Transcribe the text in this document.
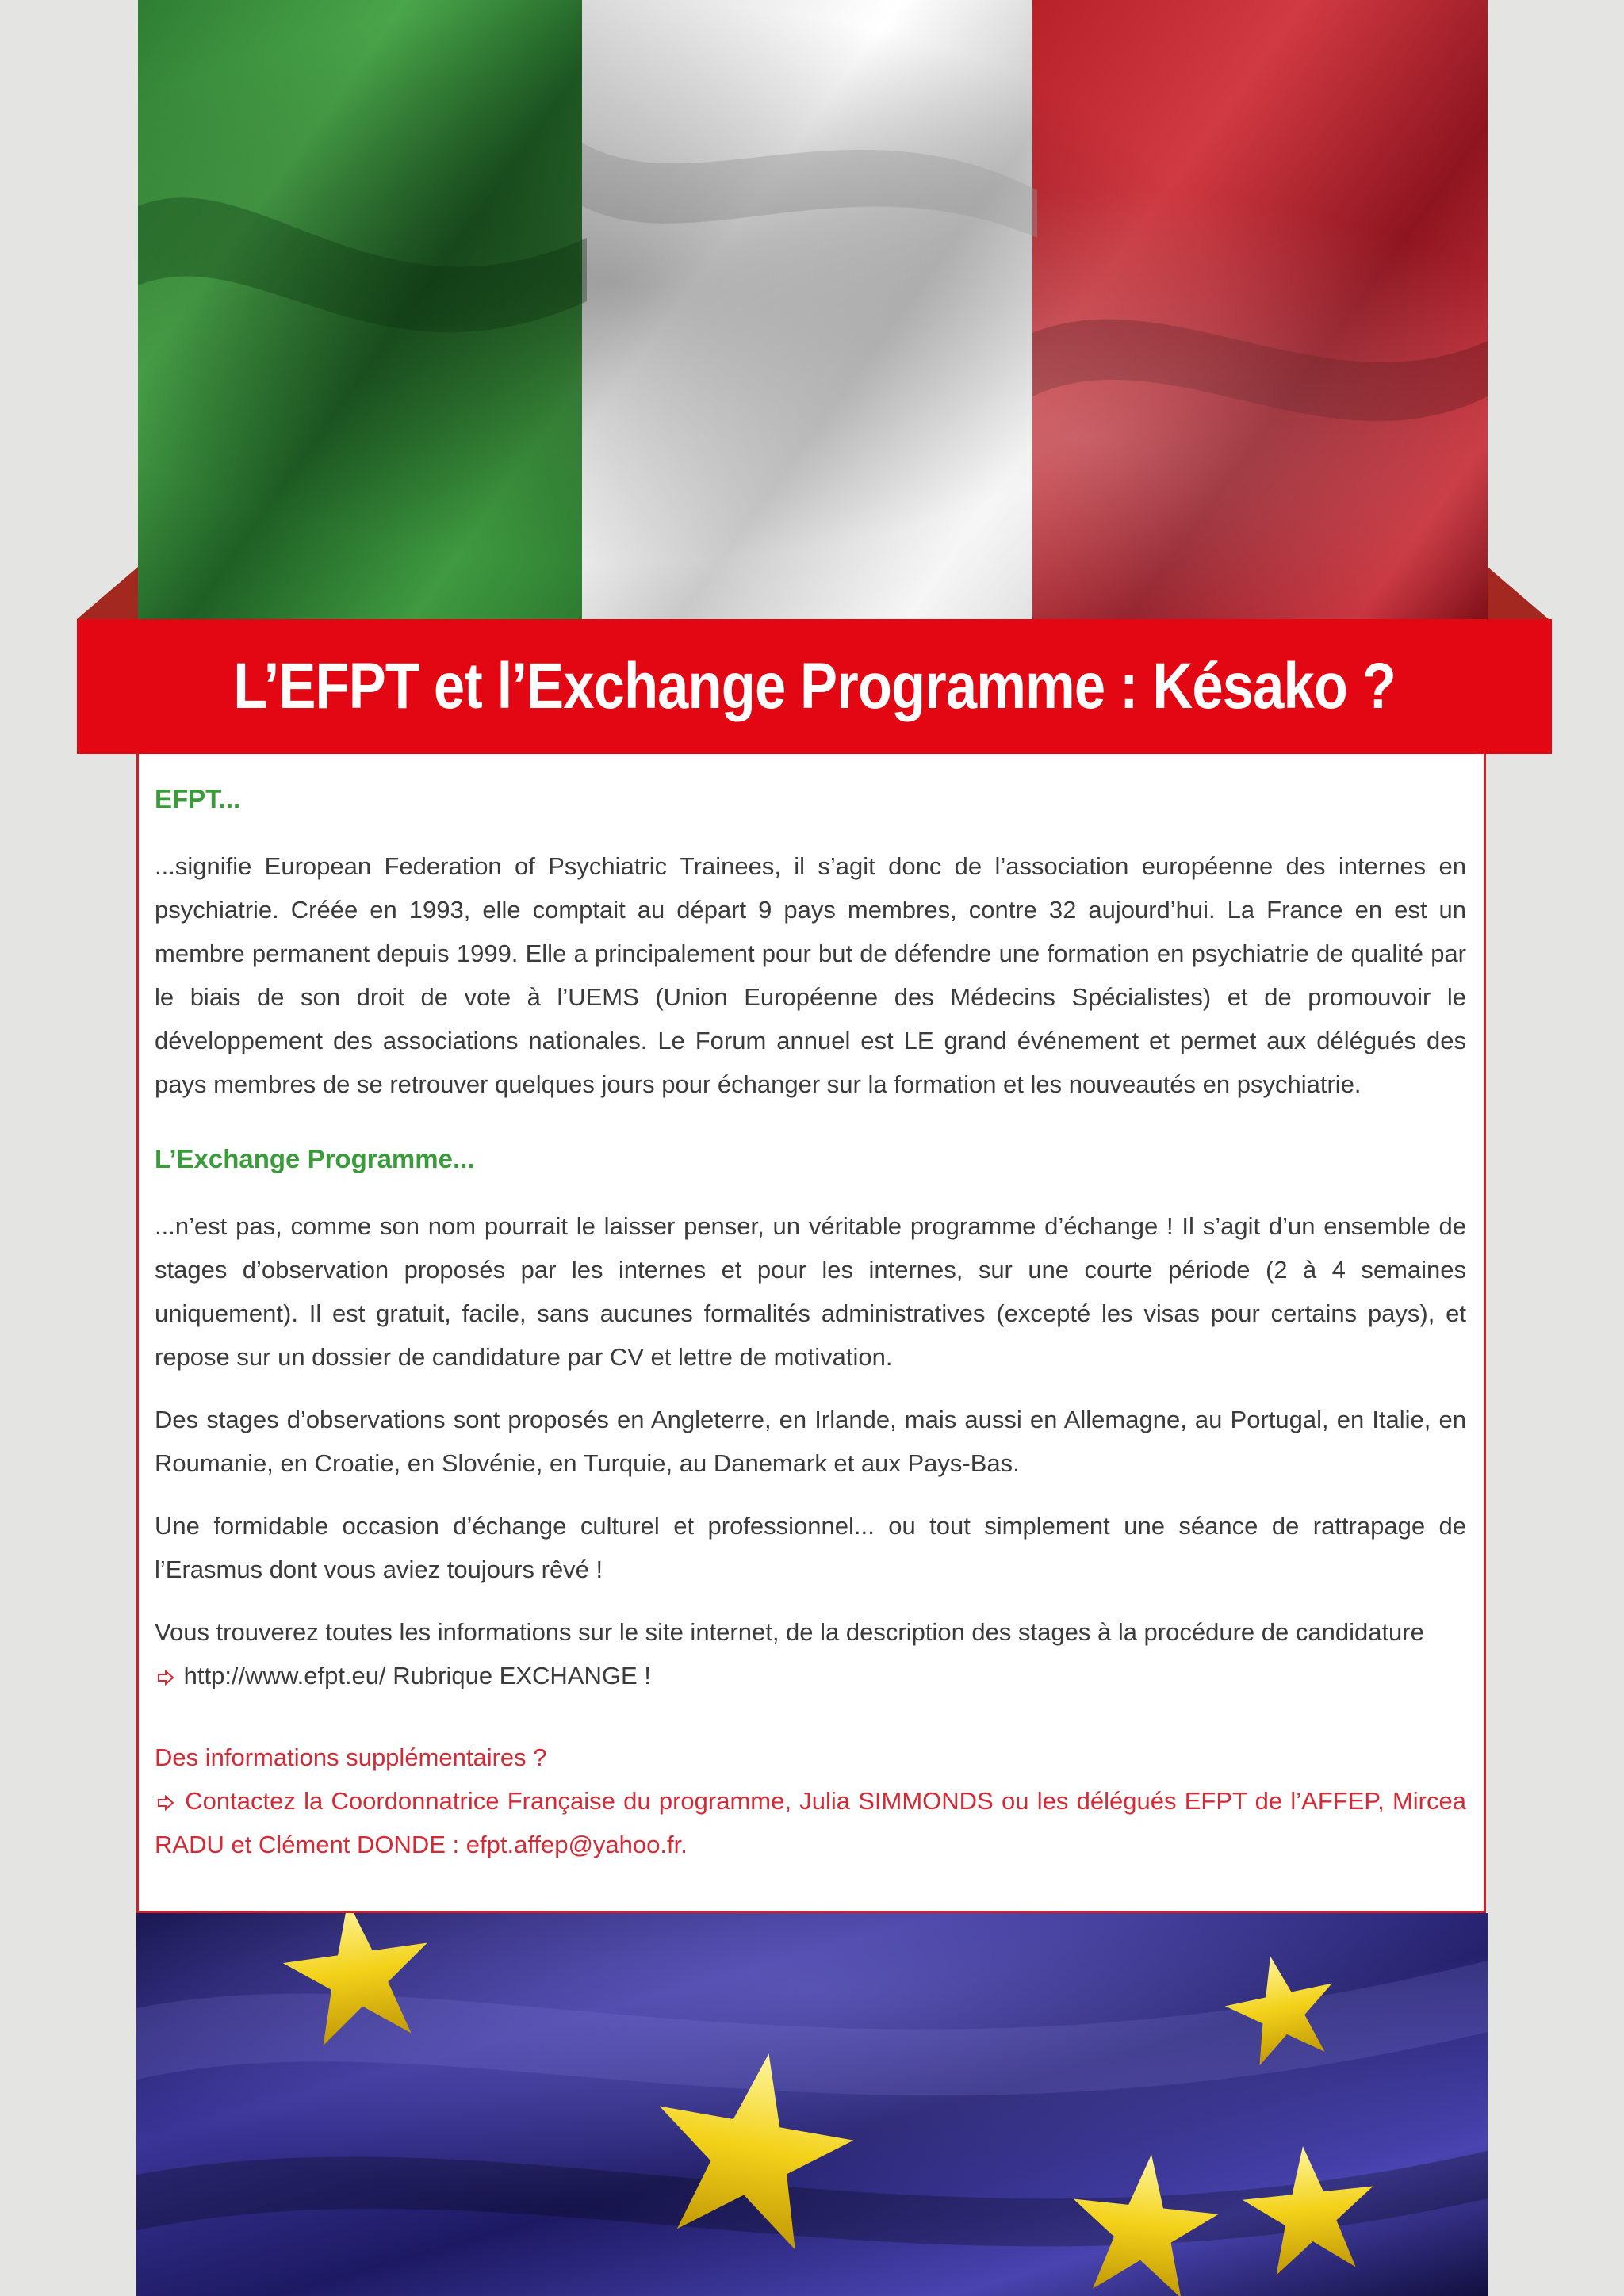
L’EFPT et l’Exchange Programme : Késako ?
EFPT...

...signifie European Federation of Psychiatric Trainees, il s’agit donc de l’association européenne des internes en psychiatrie. Créée en 1993, elle comptait au départ 9 pays membres, contre 32 aujourd’hui. La France en est un membre permanent depuis 1999. Elle a principalement pour but de défendre une formation en psychiatrie de qualité par le biais de son droit de vote à l’UEMS (Union Européenne des Médecins Spécialistes) et de promouvoir le développement des associations nationales. Le Forum annuel est LE grand événement et permet aux délégués des pays membres de se retrouver quelques jours pour échanger sur la formation et les nouveautés en psychiatrie.

L’Exchange Programme...

...n’est pas, comme son nom pourrait le laisser penser, un véritable programme d’échange ! Il s’agit d’un ensemble de stages d’observation proposés par les internes et pour les internes, sur une courte période (2 à 4 semaines uniquement). Il est gratuit, facile, sans aucunes formalités administratives (excepté les visas pour certains pays), et repose sur un dossier de candidature par CV et lettre de motivation.

Des stages d’observations sont proposés en Angleterre, en Irlande, mais aussi en Allemagne, au Portugal, en Italie, en Roumanie, en Croatie, en Slovénie, en Turquie, au Danemark et aux Pays-Bas.

Une formidable occasion d’échange culturel et professionnel... ou tout simplement une séance de rattrapage de l’Erasmus dont vous aviez toujours rêvé !

Vous trouverez toutes les informations sur le site internet, de la description des stages à la procédure de candidature
http://www.efpt.eu/ Rubrique EXCHANGE !

Des informations supplémentaires ?

Contactez la Coordonnatrice Française du programme, Julia SIMMONDS ou les délégués EFPT de l’AFFEP, Mircea RADU et Clément DONDE : efpt.affep@yahoo.fr.
